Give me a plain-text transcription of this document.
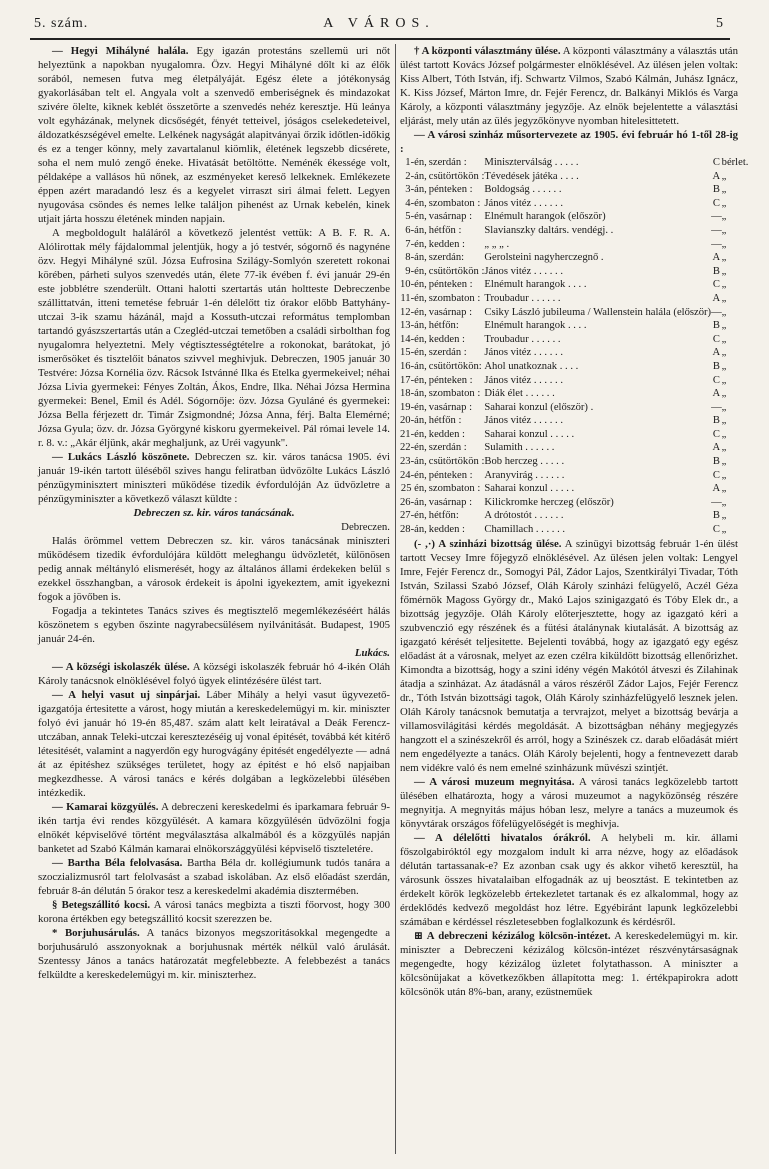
5. szám.	A VÁROS.	5

— Hegyi Mihályné halála. Egy igazán protestáns szellemü uri nőt helyeztünk a napokban nyugalomra. Özv. Hegyi Mihályné dőlt ki az élők sorából, nemesen futva meg életpályáját. Egész élete a jótékonyság gyakorlásában telt el. Angyala volt a szenvedő emberiségnek és mindazokat szivére ölelte, kiknek keblét összetörte a szenvedés nehéz keresztje. Hü leánya volt egyházának, melynek dicsőségét, fényét tetteivel, jóságos cselekedeteivel, áldozatkészségével emelte. Lelkének nagyságát alapitványai őrzik időtlen-időkig és ez a tenger könny, mely zavartalanul kiömlik, életének legszebb dicsérete, soha el nem muló zengő éneke. Hivatását betöltötte. Neménék ékessége volt, példaképe a vallásos hü nőnek, az eszményeket kereső lelkeknek. Emlékezete éppen azért maradandó lesz és a kegyelet virraszt siri álmai felett. Legyen nyugovása csöndes és nemes lelke találjon pihenést az Urnak kebelén, kinek utjait járta hosszu életének minden napjain.

A megboldogult haláláról a következő jelentést vettük: A B. F. R. A. Alólirottak mély fájdalommal jelentjük, hogy a jó testvér, sógornő és nagynéne özv. Hegyi Mihályné szül. Józsa Eufrosina Szilágy-Somlyón szeretett rokonai körében, párheti sulyos szenvedés után, élete 77-ik évében f. évi január 29-én este jobblétre szenderült. Ottani halotti szertartás után holtteste Debreczenbe szállittatván, itteni temetése február 1-én délelőtt tiz órakor előbb Battyhány-utczai 3-ik szamu házánál, majd a Kossuth-utczai református templomban tartandó gyászszertartás után a Czegléd-utczai temetőben a családi sirbolthan fog nyugalomra helyeztetni. Mely végtisztességtételre a rokonokat, barátokat, jó ismerősöket és tisztelőit bánatos szivvel meghivjuk. Debreczen, 1905 január 30 Testvére: Józsa Kornélia özv. Rácsok Istvánné Ilka és Etelka gyermekeivel; néhai Józsa Livia gyermekei: Fényes Zoltán, Ákos, Endre, Ilka. Néhai Józsa Hermina gyermekei: Benel, Emil és Adél. Sógornője: özv. Józsa Gyuláné és gyermekei: Józsa Bella férjezett dr. Timár Zsigmondné; Józsa Anna, férj. Balta Elemérné; Józsa Gyula; özv. dr. Józsa Györgyné kiskoru gyermekeivel. Pál római levele 14. r. 8. v.: „Akár éljünk, akár meghaljunk, az Uréi vagyunk".

— Lukács László köszönete. Debreczen sz. kir. város tanácsa 1905. évi január 19-ikén tartott üléséből szives hangu feliratban üdvözölte Lukács László pénzügyminisztert miniszteri működése tizedik évfordulóján Az üdvözletre a pénzügyminiszter a következő választ küldte :

Debreczen sz. kir. város tanácsának.

Debreczen.

Halás örömmel vettem Debreczen sz. kir. város tanácsának miniszteri működésem tizedik évfordulójára küldött meleghangu üdvözletét, különösen pedig annak méltányló elismerését, hogy az általános állami érdekeken belül s ezekkel összhangban, a városok érdekeit is ápolni igyekeztem, amit igyekezni fogok a jövőben is.

Fogadja a tekintetes Tanács szives és megtisztelő megemlékezéséért hálás köszönetem s egyben őszinte nagyrabecsülésem nyilvánitását. Budapest, 1905 január 24-én.

Lukács.

— A községi iskolaszék ülése. A községi iskolaszék február hó 4-ikén Oláh Károly tanácsnok elnöklésével folyó ügyek elintézésére ülést tart.

— A helyi vasut uj sinpárjai. Láber Mihály a helyi vasut ügyvezető-igazgatója értesitette a várost, hogy miután a kereskedelemügyi m. kir. miniszter folyó évi január hó 19-én 85,487. szám alatt kelt leiratával a Deák Ferencz-utczában, annak Teleki-utczai keresztezéséig uj vonal épitését, továbbá két kitérő létesitését, valamint a nagyerdőn egy hurogvágány épitését engedélyezte — adná át az épitéshez szükséges területet, hogy az épitést e hó első napjaiban megkezdhesse. A városi tanács e kérés dolgában a legközelebbi ülésében intézkedik.

— Kamarai közgyülés. A debreczeni kereskedelmi és iparkamara február 9-ikén tartja évi rendes közgyülését. A kamara közgyülésén üdvözölni fogja elnökét képviselővé történt megválasztása alkalmából és a közgyülés napján banketet ad Szabó Kálmán kamarai elnökországgyülési képviselő tiszteletére.

— Bartha Béla felolvasása. Bartha Béla dr. kollégiumunk tudós tanára a szoczializmusról tart felolvasást a szabad iskolában. Az első előadást szerdán, február 8-án délután 5 órakor tesz a kereskedelmi akadémia disztermében.

§ Betegszállitó kocsi. A városi tanács megbizta a tiszti főorvost, hogy 300 korona értékben egy betegszállitó kocsit szerezzen be.

* Borjuhusárulás. A tanács bizonyos megszoritásokkal megengedte a borjuhusáruló asszonyoknak a borjuhusnak mérték nélkül való árulását. Szentessy János a tanács határozatát megfelebbezte. A felebbezést a tanács felküldte a kereskedelemügyi m. kir. miniszterhez.

† A központi választmány ülése. A központi választmány a választás után ülést tartott Kovács József polgármester elnöklésével. Az ülésen jelen voltak: Kiss Albert, Tóth István, ifj. Schwartz Vilmos, Szabó Kálmán, Juhász Ignácz, K. Kiss József, Márton Imre, dr. Fejér Ferencz, dr. Balkányi Miklós és Varga Károly, a központi választmány jegyzője. Az elnök bejelentette a választási eljárást, mely után az ülés jegyzőkönyve nyomban hitelesittetett.

— A városi szinház műsortervezete az 1905. évi február hó 1-től 28-ig :

1-én,	szerdán :	Miniszterválság . . . . .	C	bérlet.
2-án,	csütörtökön :	Tévedések játéka . . . .	A	„
3-án,	pénteken :	Boldogság . . . . . .	B	„
4-én,	szombaton :	János vitéz . . . . . .	C	„
5-én,	vasárnap :	Elnémult harangok (először)	—	„
6-án,	hétfőn :	Slavianszky daltárs. vendégj. .	—	„
7-én,	kedden :	„ „ „ .	—	„
8-án,	szerdán:	Gerolsteini nagyherczegnő .	A	„
9-én,	csütörtökön :	János vitéz . . . . . .	B	„
10-én,	pénteken :	Elnémult harangok . . . .	C	„
11-én,	szombaton :	Troubadur . . . . . .	A	„
12-én,	vasárnap :	Csiky László jubileuma / Wallenstein halála (először)	—	„
13-án,	hétfőn:	Elnémult harangok . . . .	B	„
14-én,	kedden :	Troubadur . . . . . .	C	„
15-én,	szerdán :	János vitéz . . . . . .	A	„
16-án,	csütörtökön:	Ahol unatkoznak . . . .	B	„
17-én,	pénteken :	János vitéz . . . . . .	C	„
18-án,	szombaton :	Diák élet . . . . . .	A	„
19-én,	vasárnap :	Saharai konzul (először) .	—	„
20-án,	hétfőn :	János vitéz . . . . . .	B	„
21-én,	kedden :	Saharai konzul . . . . .	C	„
22-én,	szerdán :	Sulamith . . . . . .	A	„
23-án,	csütörtökön :	Bob herczeg . . . . .	B	„
24-én,	pénteken :	Aranyvirág . . . . . .	C	„
25 én,	szombaton :	Saharai konzul . . . . .	A	„
26-án,	vasárnap :	Kilickromke herczeg (először)	—	„
27-én,	hétfőn:	A drótostót . . . . . .	B	„
28-án,	kedden :	Chamillach . . . . . .	C	„

(- ,·) A szinházi bizottság ülése. A szinügyi bizottság február 1-én ülést tartott Vecsey Imre főjegyző elnöklésével. Az ülésen jelen voltak: Lengyel Imre, Fejér Ferencz dr., Somogyi Pál, Zádor Lajos, Szentkirályi Tivadar, Tóth István, Szilassi Szabó József, Oláh Károly szinházi felügyelő, Aczél Géza főmérnök Magoss György dr., Makó Lajos szinigazgató és Tóby Elek dr., a bizottság jegyzője. Oláh Károly előterjesztette, hogy az igazgató kéri a szubvenczió egy részének és a fütési átalánynak kiutalását. A bizottság az igazgató kérését teljesitette. Bejelenti továbbá, hogy az igazgató egy egész előadást át a városnak, melyet az ezen czélra kiküldött bizottság ellenőrizhet. Kimondta a bizottság, hogy a szini idény végén Makótól átveszi és Zilahinak átadja a szinházat. Az átadásnál a város részéről Zádor Lajos, Fejér Ferencz dr., Tóth István bizottsági tagok, Oláh Károly szinházfelügyelő lesznek jelen. Oláh Károly tanácsnok bemutatja a tervrajzot, melyet a bizottság bevárja a villamosvilágitási kérdés megoldását. A bizottságban néhány megjegyzés hangzott el a szinészekről és arról, hogy a Szinészek cz. darab előadását miért nem engedélyezte a tanács. Oláh Károly bejelenti, hogy a fentnevezett darab nem vidékre való és nem emelné szinházunk müvészi szintjét.

— A városi muzeum megnyitása. A városi tanács legközelebb tartott ülésében elhatározta, hogy a városi muzeumot a nagyközönség részére megnyitja. A megnyitás május hóban lesz, melyre a tanács a muzeumok és könyvtárak országos főfelügyelőségét is meghivja.

— A délelőtti hivatalos órákról. A helybeli m. kir. állami főszolgabiróktól egy mozgalom indult ki arra nézve, hogy az előadások délután tartassanak-e? Ez azonban csak ugy és akkor vihető keresztül, ha városunk összes hivatalaiban elfogadnák az uj beosztást. E tekintetben az érdekelt körök legközelebb értekezletet tartanak és ez alkalommal, hogy az érdeklődés kedvező megoldást hoz létre. Egyébiránt lapunk legközelebbi számában e kérdéssel részletesebben foglalkozunk és kérdésről.

⊞ A debreczeni kézizálog kölcsön-intézet. A kereskedelemügyi m. kir. miniszter a Debreczeni kézizálog kölcsön-intézet részvénytársaságnak megengedte, hogy kézizálog üzletet folytathasson. A miniszter a kölcsönüjakat a következőkben állapította meg: 1. értékpapirokra adott kölcsönök után 8%-ban, arany, ezüstneműek
